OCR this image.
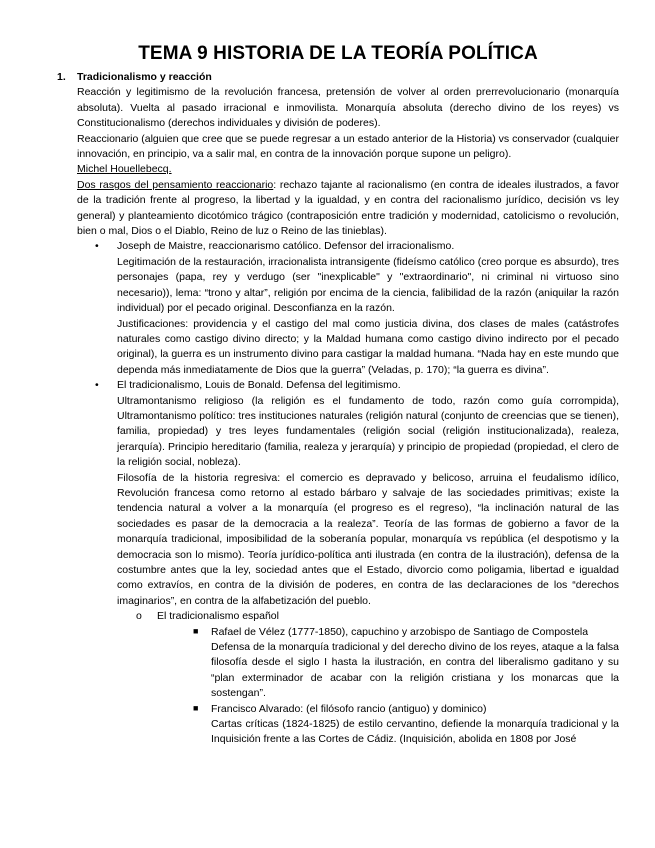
TEMA 9 HISTORIA DE LA TEORÍA POLÍTICA
1.	Tradicionalismo y reacción

Reacción y legitimismo de la revolución francesa, pretensión de volver al orden prerrevolucionario (monarquía absoluta). Vuelta al pasado irracional e inmovilista. Monarquía absoluta (derecho divino de los reyes) vs Constitucionalismo (derechos individuales y división de poderes).

Reaccionario (alguien que cree que se puede regresar a un estado anterior de la Historia) vs conservador (cualquier innovación, en principio, va a salir mal, en contra de la innovación porque supone un peligro).

Michel Houellebecq.

Dos rasgos del pensamiento reaccionario: rechazo tajante al racionalismo (en contra de ideales ilustrados, a favor de la tradición frente al progreso, la libertad y la igualdad, y en contra del racionalismo jurídico, decisión vs ley general) y planteamiento dicotómico trágico (contraposición entre tradición y modernidad, catolicismo o revolución, bien o mal, Dios o el Diablo, Reino de luz o Reino de las tinieblas).

• Joseph de Maistre, reaccionarismo católico. Defensor del irracionalismo.

Legitimación de la restauración, irracionalista intransigente (fideísmo católico (creo porque es absurdo), tres personajes (papa, rey y verdugo (ser "inexplicable" y "extraordinario", ni criminal ni virtuoso sino necesario)), lema: “trono y altar”, religión por encima de la ciencia, falibilidad de la razón (aniquilar la razón individual) por el pecado original. Desconfianza en la razón.

Justificaciones: providencia y el castigo del mal como justicia divina, dos clases de males (catástrofes naturales como castigo divino directo; y la Maldad humana como castigo divino indirecto por el pecado original), la guerra es un instrumento divino para castigar la maldad humana. “Nada hay en este mundo que dependa más inmediatamente de Dios que la guerra” (Veladas, p. 170); “la guerra es divina”.

• El tradicionalismo, Louis de Bonald. Defensa del legitimismo.

Ultramontanismo religioso (la religión es el fundamento de todo, razón como guía corrompida), Ultramontanismo político: tres instituciones naturales (religión natural (conjunto de creencias que se tienen), familia, propiedad) y tres leyes fundamentales (religión social (religión institucionalizada), realeza, jerarquía). Principio hereditario (familia, realeza y jerarquía) y principio de propiedad (propiedad, el clero de la religión social, nobleza).

Filosofía de la historia regresiva: el comercio es depravado y belicoso, arruina el feudalismo idílico, Revolución francesa como retorno al estado bárbaro y salvaje de las sociedades primitivas; existe la tendencia natural a volver a la monarquía (el progreso es el regreso), “la inclinación natural de las sociedades es pasar de la democracia a la realeza”. Teoría de las formas de gobierno a favor de la monarquía tradicional, imposibilidad de la soberanía popular, monarquía vs república (el despotismo y la democracia son lo mismo). Teoría jurídico-política anti ilustrada (en contra de la ilustración), defensa de la costumbre antes que la ley, sociedad antes que el Estado, divorcio como poligamia, libertad e igualdad como extravíos, en contra de la división de poderes, en contra de las declaraciones de los “derechos imaginarios”, en contra de la alfabetización del pueblo.

o El tradicionalismo español

■ Rafael de Vélez (1777-1850), capuchino y arzobispo de Santiago de Compostela

Defensa de la monarquía tradicional y del derecho divino de los reyes, ataque a la falsa filosofía desde el siglo I hasta la ilustración, en contra del liberalismo gaditano y su “plan exterminador de acabar con la religión cristiana y los monarcas que la sostengan”.

■ Francisco Alvarado: (el filósofo rancio (antiguo) y dominico)

Cartas críticas (1824-1825) de estilo cervantino, defiende la monarquía tradicional y la Inquisición frente a las Cortes de Cádiz. (Inquisición, abolida en 1808 por José
